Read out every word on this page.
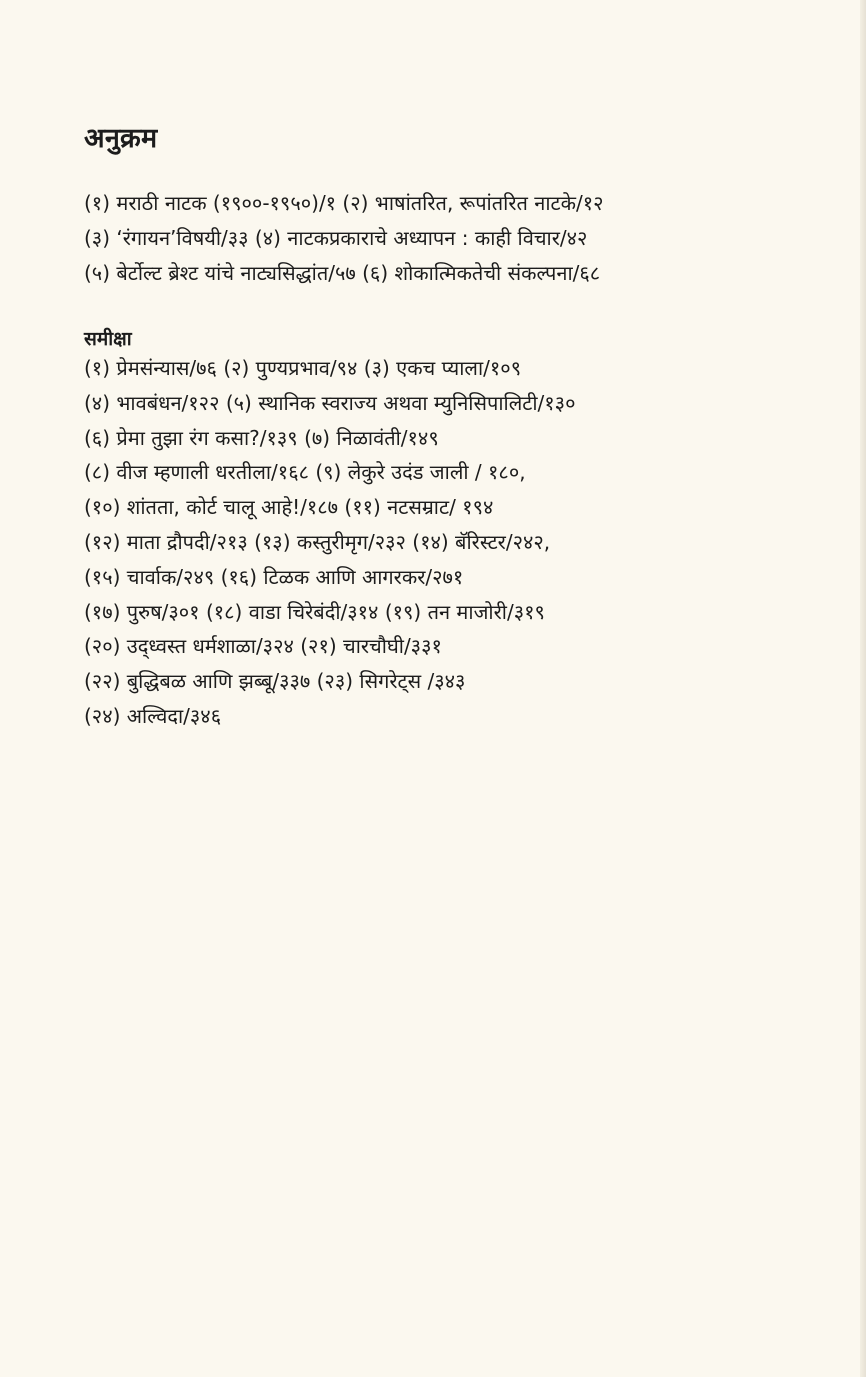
अनुक्रम
(१) मराठी नाटक (१९००-१९५०)/१ (२) भाषांतरित, रूपांतरित नाटके/१२
(३) ‘रंगायन’विषयी/३३ (४) नाटकप्रकाराचे अध्यापन : काही विचार/४२
(५) बेर्टोल्ट ब्रेश्ट यांचे नाट्यसिद्धांत/५७ (६) शोकात्मिकतेची संकल्पना/६८
समीक्षा
(१) प्रेमसंन्यास/७६ (२) पुण्यप्रभाव/९४ (३) एकच प्याला/१०९
(४) भावबंधन/१२२ (५) स्थानिक स्वराज्य अथवा म्युनिसिपालिटी/१३०
(६) प्रेमा तुझा रंग कसा?/१३९ (७) निळावंती/१४९
(८) वीज म्हणाली धरतीला/१६८ (९) लेकुरे उदंड जाली / १८०,
(१०) शांतता, कोर्ट चालू आहे!/१८७ (११) नटसम्राट/ १९४
(१२) माता द्रौपदी/२१३ (१३) कस्तुरीमृग/२३२ (१४) बॅरिस्टर/२४२,
(१५) चार्वाक/२४९ (१६) टिळक आणि आगरकर/२७१
(१७) पुरुष/३०१ (१८) वाडा चिरेबंदी/३१४ (१९) तन माजोरी/३१९
(२०) उद्ध्वस्त धर्मशाळा/३२४ (२१) चारचौघी/३३१
(२२) बुद्धिबळ आणि झब्बू/३३७ (२३) सिगरेट्स /३४३
(२४) अल्विदा/३४६
